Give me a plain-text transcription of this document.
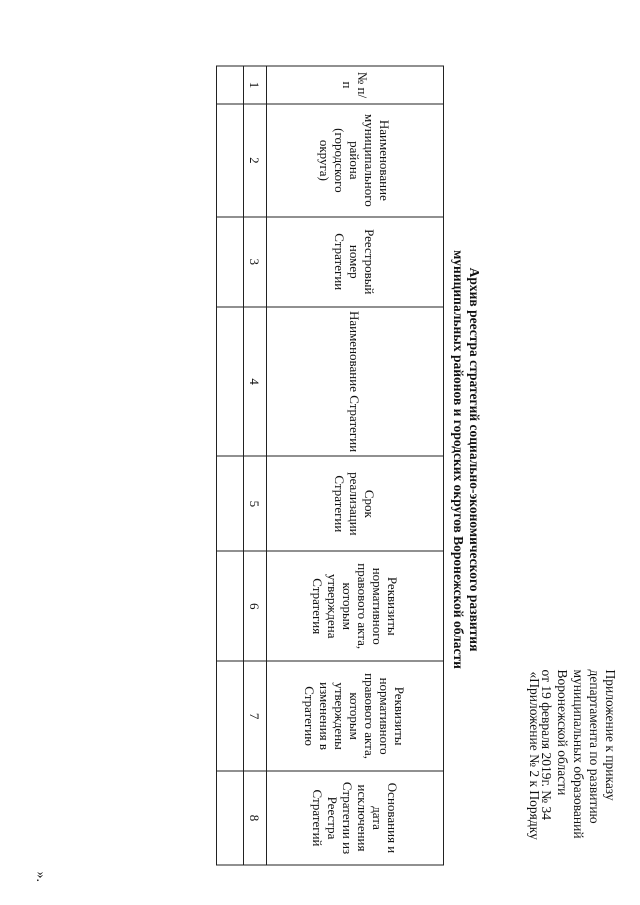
Приложение к приказу
департамента по развитию
муниципальных образований
Воронежской области
от 19 февраля 2019г. № 34
«Приложение № 2 к Порядку
Архив реестра стратегий социально-экономического развития
муниципальных районов и городских округов Воронежской области
№ п/п	Наименование муниципального района (городского округа)	Реестровый номер Стратегии	Наименование Стратегии	Срок реализации Стратегии	Реквизиты нормативного правового акта, которым утверждена Стратегия	Реквизиты нормативного правового акта, которым утверждены изменения в Стратегию	Основания и дата исключения Стратегии из Реестра Стратегий
1	2	3	4	5	6	7	8

».
